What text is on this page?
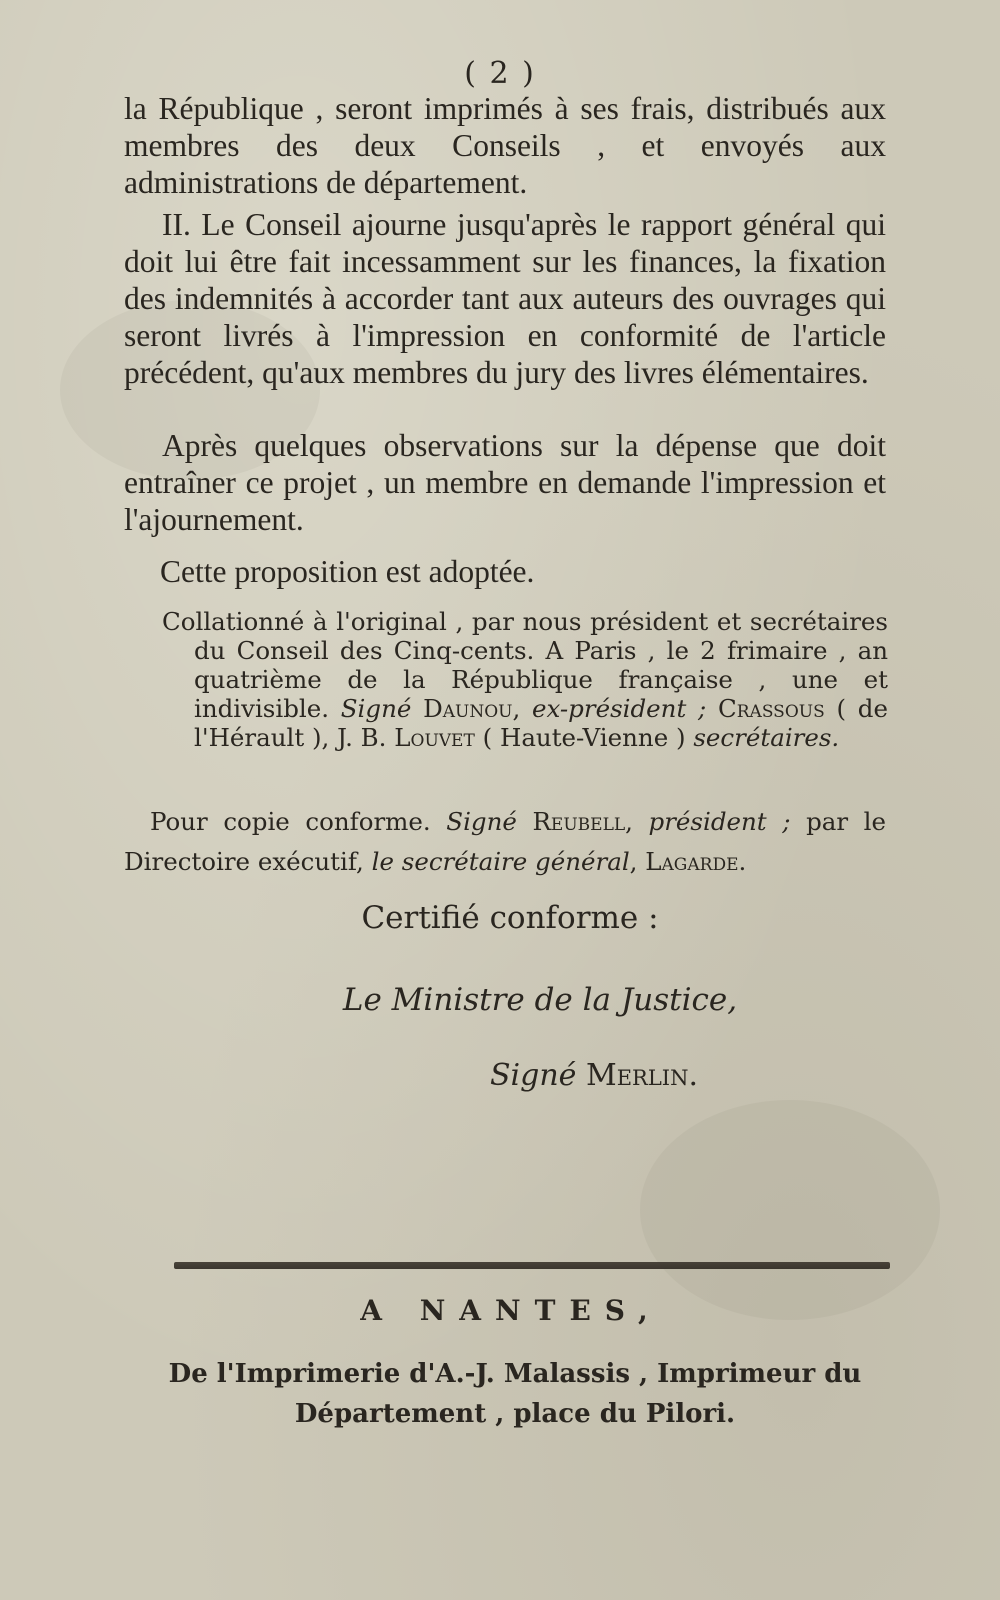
( 2 )

la République , seront imprimés à ses frais, distribués aux membres des deux Conseils , et envoyés aux administrations de département.

II. Le Conseil ajourne jusqu'après le rapport général qui doit lui être fait incessamment sur les finances, la fixation des indemnités à accorder tant aux auteurs des ouvrages qui seront livrés à l'impression en conformité de l'article précédent, qu'aux membres du jury des livres élémentaires.

Après quelques observations sur la dépense que doit entraîner ce projet , un membre en demande l'impression et l'ajournement.

Cette proposition est adoptée.

Collationné à l'original , par nous président et secrétaires du Conseil des Cinq-cents. A Paris , le 2 frimaire , an quatrième de la République française , une et indivisible. Signé Daunou, ex-président ; Crassous ( de l'Hérault ), J. B. Louvet ( Haute-Vienne ) secrétaires.

Pour copie conforme. Signé Reubell, président ; par le Directoire exécutif, le secrétaire général, Lagarde.

Certifié conforme :
Le Ministre de la Justice,
Signé Merlin.
A NANTES,
De l'Imprimerie d'A.-J. Malassis , Imprimeur du
Département , place du Pilori.
